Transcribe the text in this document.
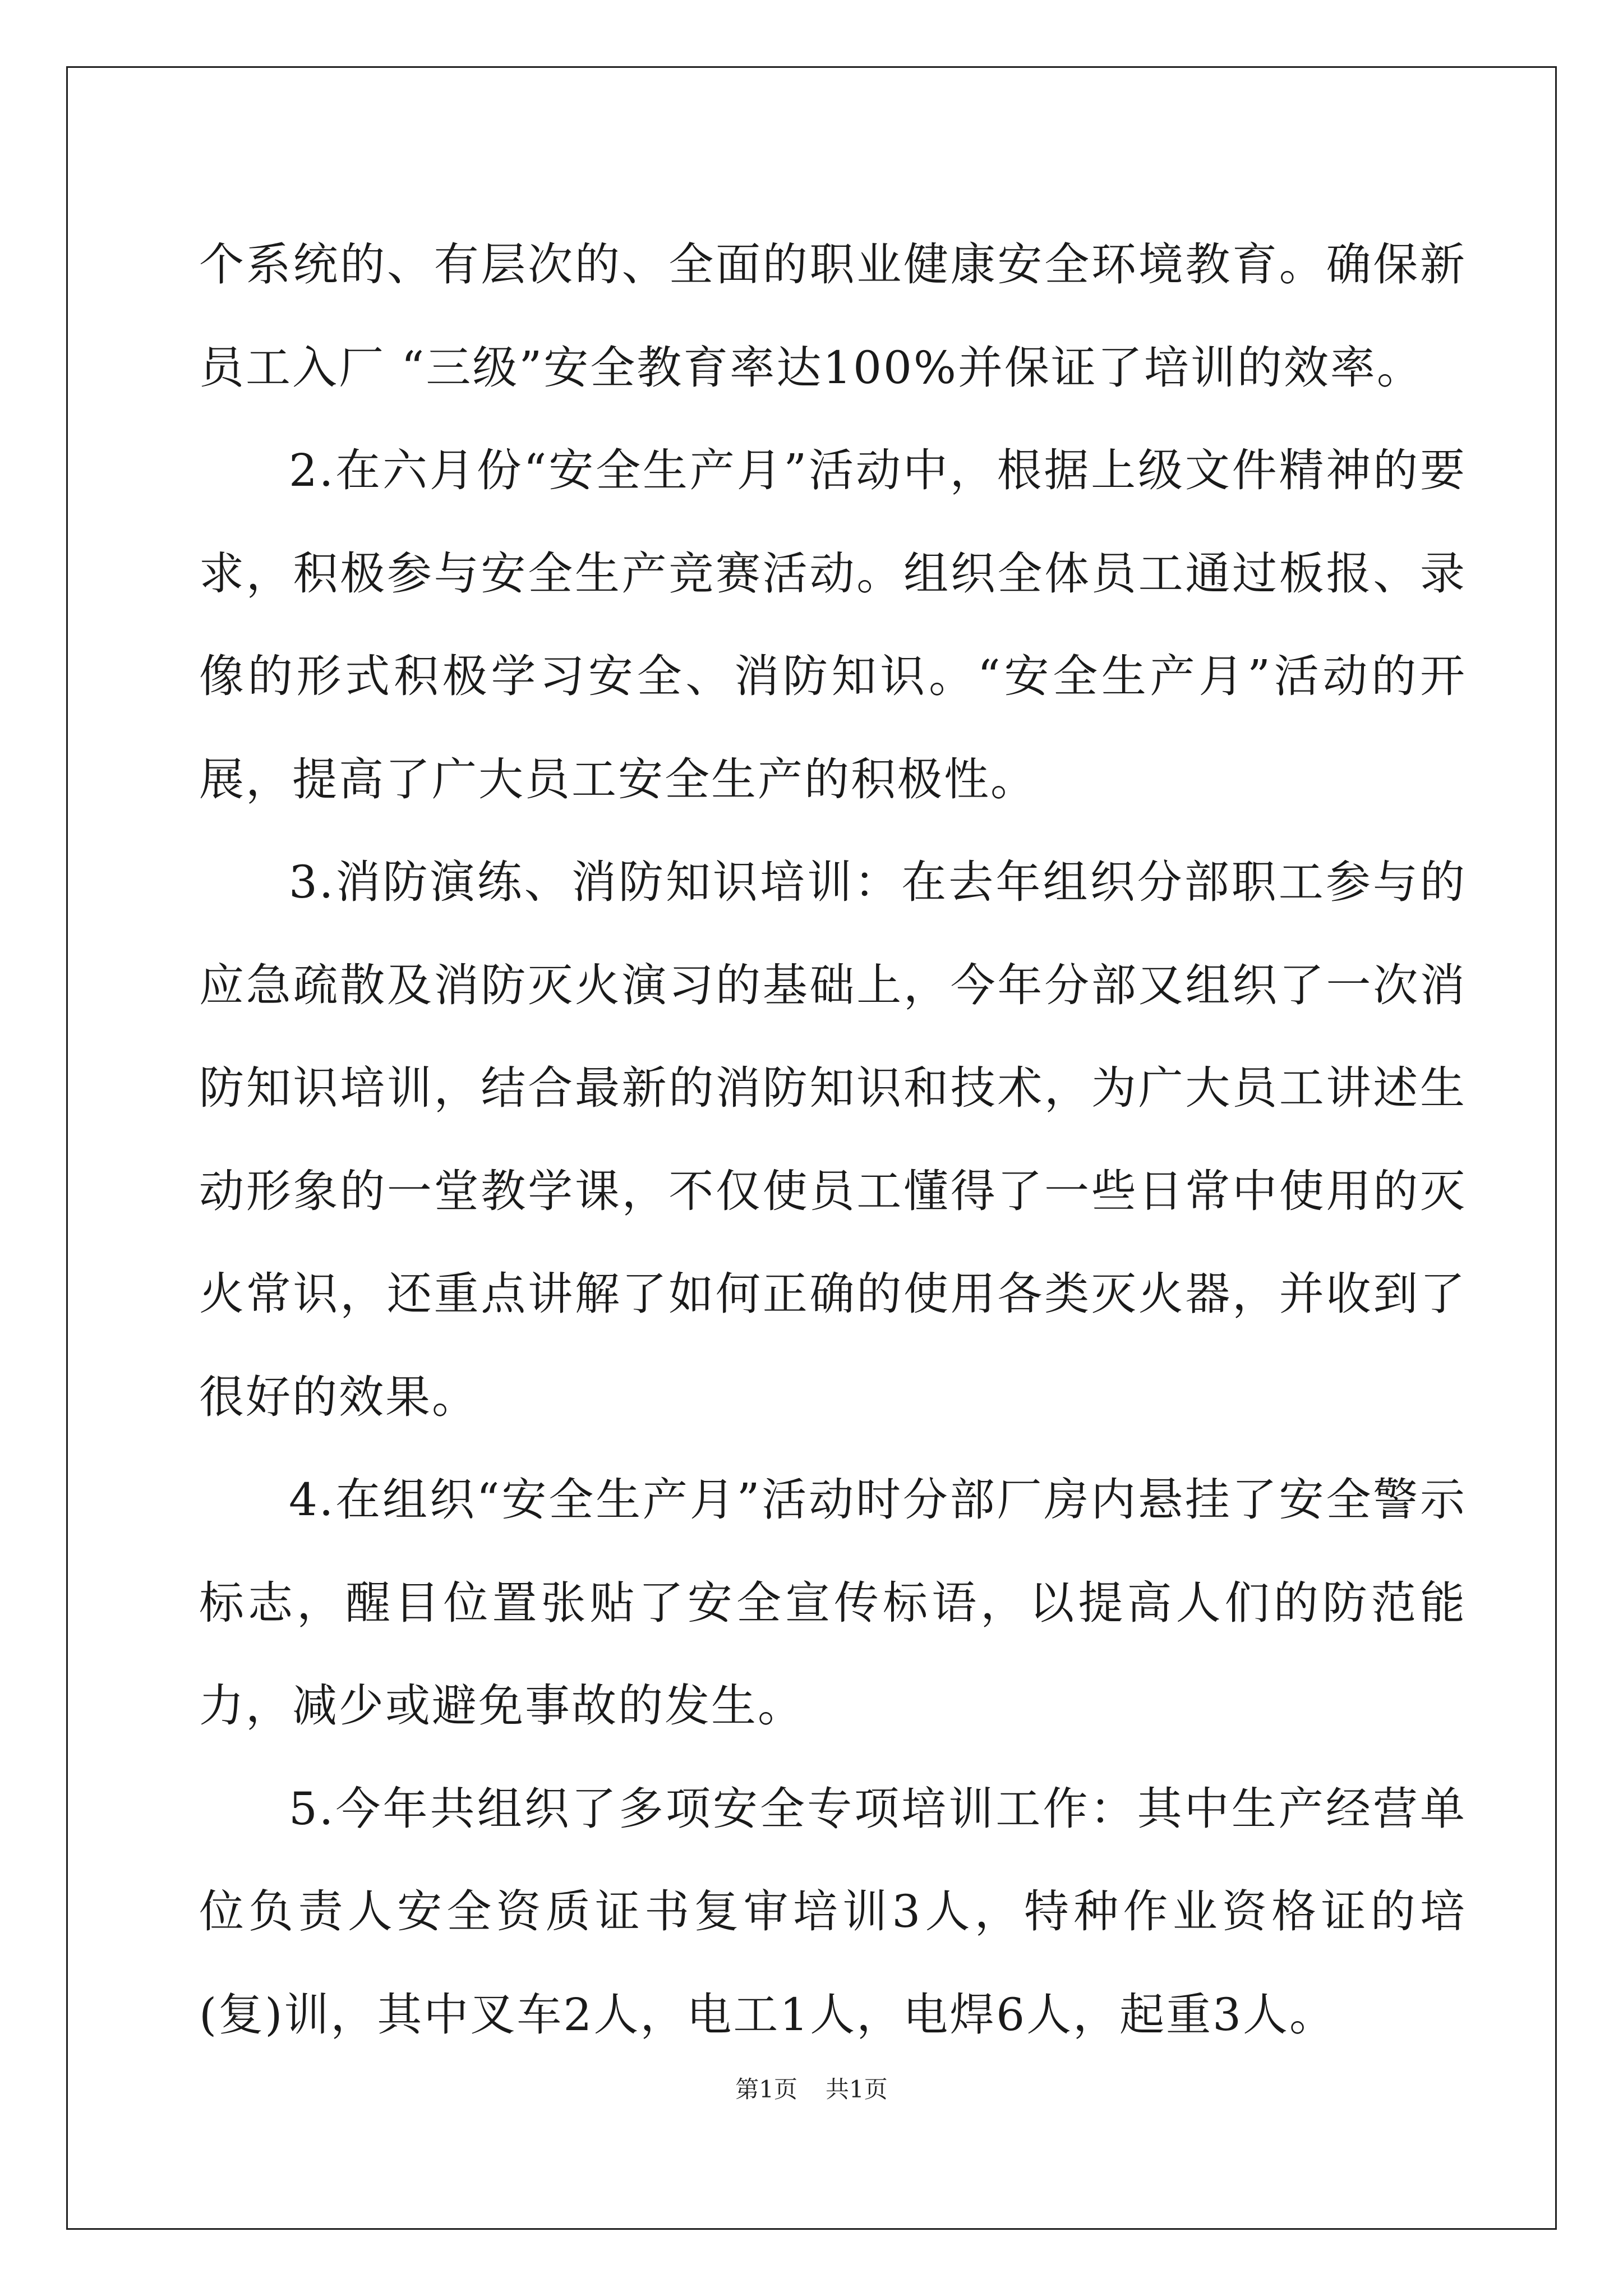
个系统的、有层次的、全面的职业健康安全环境教育。确保新员工入厂 “三级”安全教育率达100%并保证了培训的效率。

2.在六月份“安全生产月”活动中，根据上级文件精神的要求，积极参与安全生产竞赛活动。组织全体员工通过板报、录像的形式积极学习安全、消防知识。“安全生产月”活动的开展，提高了广大员工安全生产的积极性。

3.消防演练、消防知识培训：在去年组织分部职工参与的应急疏散及消防灭火演习的基础上，今年分部又组织了一次消防知识培训，结合最新的消防知识和技术，为广大员工讲述生动形象的一堂教学课，不仅使员工懂得了一些日常中使用的灭火常识，还重点讲解了如何正确的使用各类灭火器，并收到了很好的效果。

4.在组织“安全生产月”活动时分部厂房内悬挂了安全警示标志，醒目位置张贴了安全宣传标语，以提高人们的防范能力，减少或避免事故的发生。

5.今年共组织了多项安全专项培训工作：其中生产经营单位负责人安全资质证书复审培训3人，特种作业资格证的培(复)训，其中叉车2人，电工1人，电焊6人，起重3人。

第1页 共1页
